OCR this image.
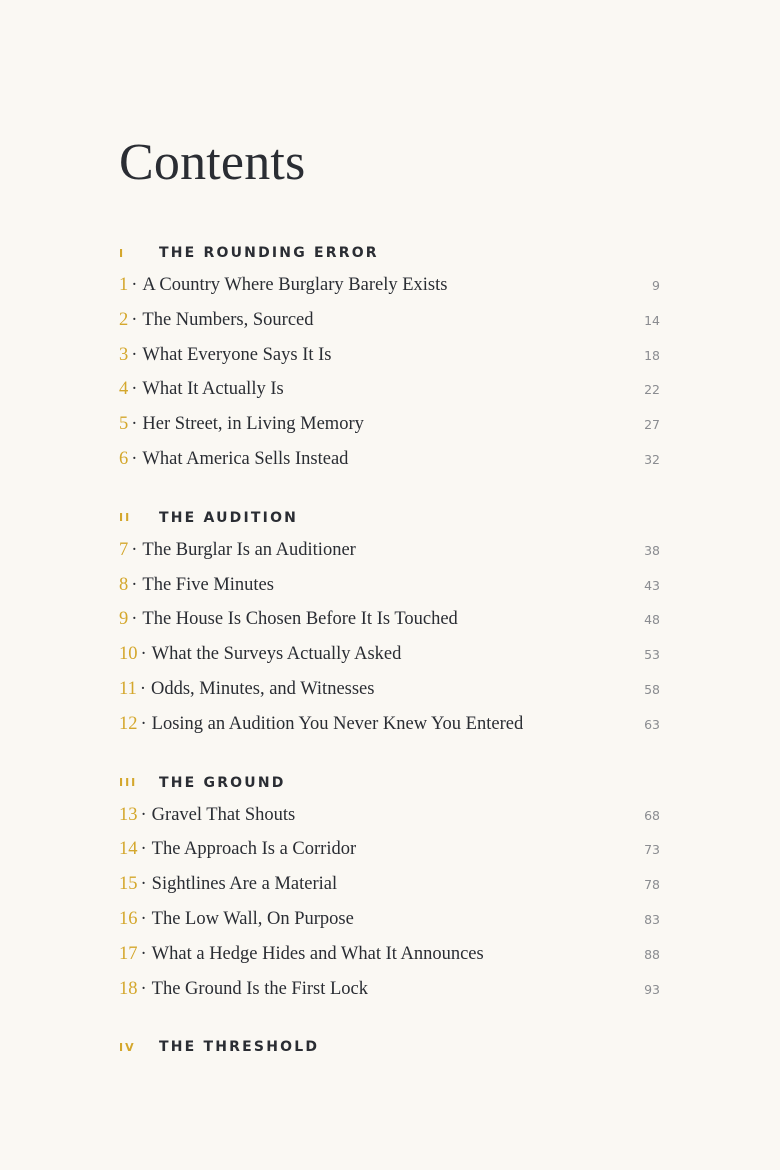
Contents
I	THE ROUNDING ERROR
1 · A Country Where Burglary Barely Exists	9
2 · The Numbers, Sourced	14
3 · What Everyone Says It Is	18
4 · What It Actually Is	22
5 · Her Street, in Living Memory	27
6 · What America Sells Instead	32
II	THE AUDITION
7 · The Burglar Is an Auditioner	38
8 · The Five Minutes	43
9 · The House Is Chosen Before It Is Touched	48
10 · What the Surveys Actually Asked	53
11 · Odds, Minutes, and Witnesses	58
12 · Losing an Audition You Never Knew You Entered	63
III	THE GROUND
13 · Gravel That Shouts	68
14 · The Approach Is a Corridor	73
15 · Sightlines Are a Material	78
16 · The Low Wall, On Purpose	83
17 · What a Hedge Hides and What It Announces	88
18 · The Ground Is the First Lock	93
IV	THE THRESHOLD
